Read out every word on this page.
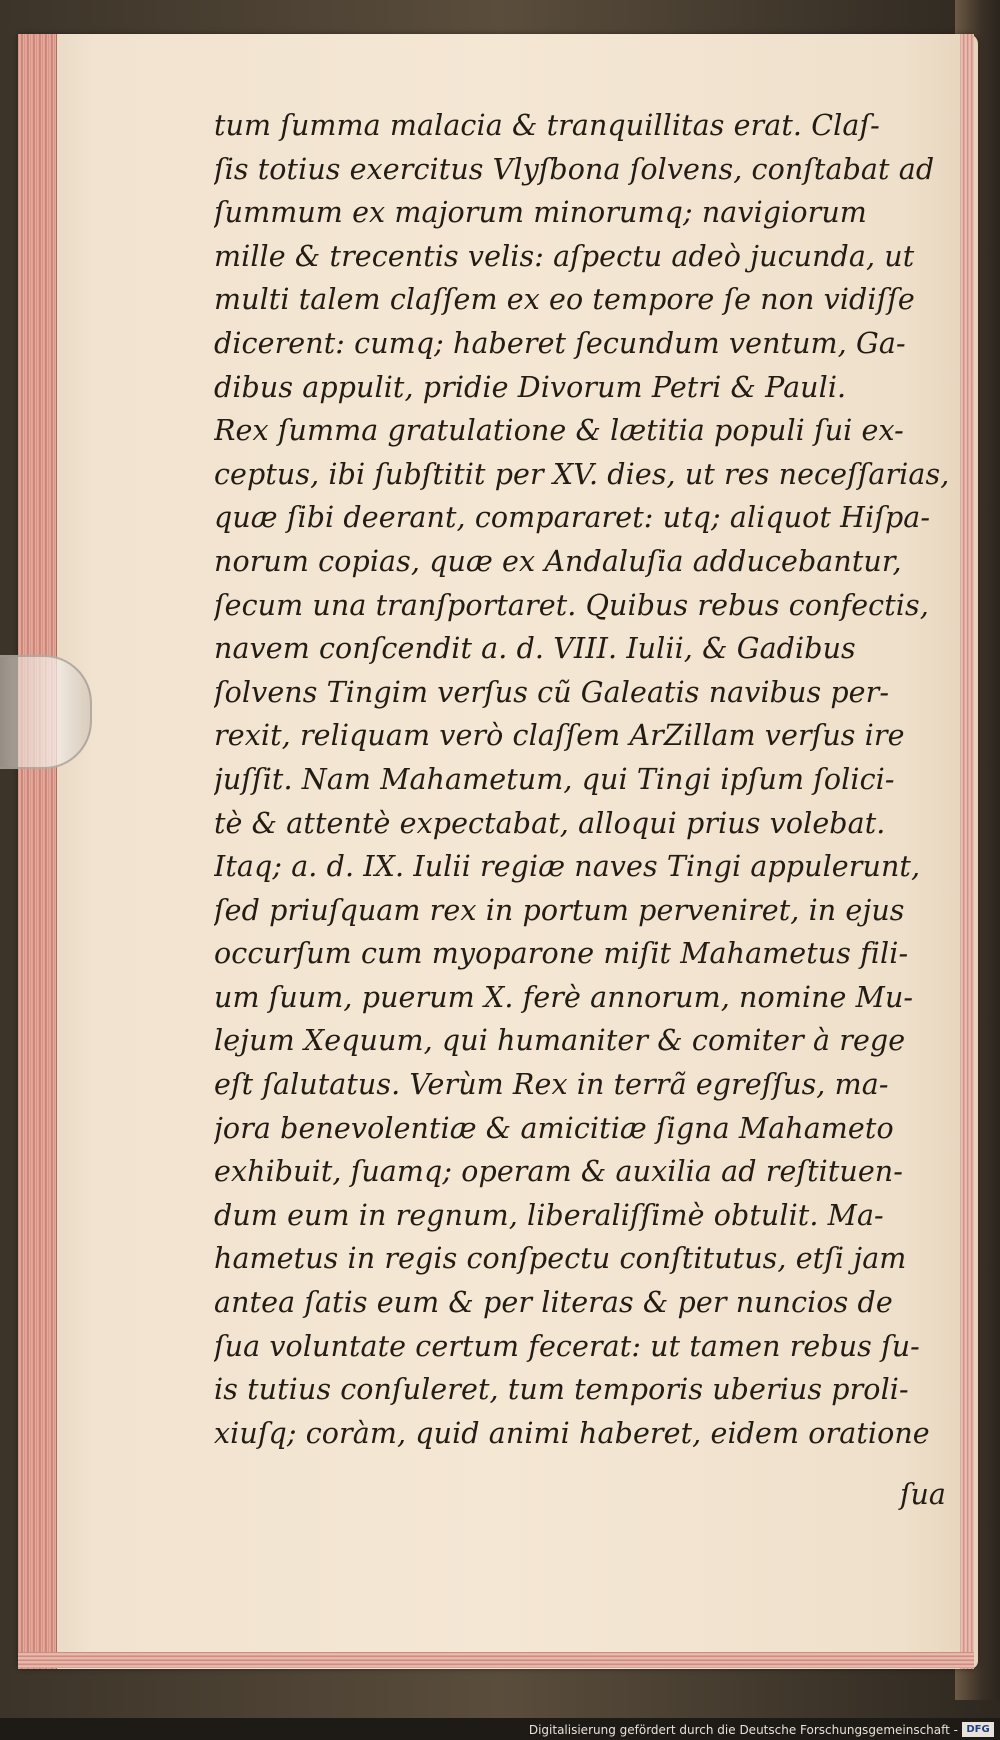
tum ſumma malacia & tranquillitas erat. Claſ-
ſis totius exercitus Vlyſbona ſolvens, conſtabat ad
ſummum ex majorum minorumq; navigiorum
mille & trecentis velis: aſpectu adeò jucunda, ut
multi talem claſſem ex eo tempore ſe non vidiſſe
dicerent: cumq; haberet ſecundum ventum, Ga-
dibus appulit, pridie Divorum Petri & Pauli.
Rex ſumma gratulatione & lætitia populi ſui ex-
ceptus, ibi ſubſtitit per XV. dies, ut res neceſſarias,
quæ ſibi deerant, compararet: utq; aliquot Hiſpa-
norum copias, quæ ex Andaluſia adducebantur,
ſecum una tranſportaret. Quibus rebus confectis,
navem conſcendit a. d. VIII. Iulii, & Gadibus
ſolvens Tingim verſus cũ Galeatis navibus per-
rexit, reliquam verò claſſem ArZillam verſus ire
juſſit. Nam Mahametum, qui Tingi ipſum ſolici-
tè & attentè expectabat, alloqui prius volebat.
Itaq; a. d. IX. Iulii regiæ naves Tingi appulerunt,
ſed priuſquam rex in portum perveniret, in ejus
occurſum cum myoparone miſit Mahametus fili-
um ſuum, puerum X. ferè annorum, nomine Mu-
lejum Xequum, qui humaniter & comiter à rege
eſt ſalutatus. Verùm Rex in terrã egreſſus, ma-
jora benevolentiæ & amicitiæ ſigna Mahameto
exhibuit, ſuamq; operam & auxilia ad reſtituen-
dum eum in regnum, liberaliſſimè obtulit. Ma-
hametus in regis conſpectu conſtitutus, etſi jam
antea ſatis eum & per literas & per nuncios de
ſua voluntate certum fecerat: ut tamen rebus ſu-
is tutius conſuleret, tum temporis uberius proli-
xiuſq; coràm, quid animi haberet, eidem oratione
ſua
Digitalisierung gefördert durch die Deutsche Forschungsgemeinschaft - DFG
